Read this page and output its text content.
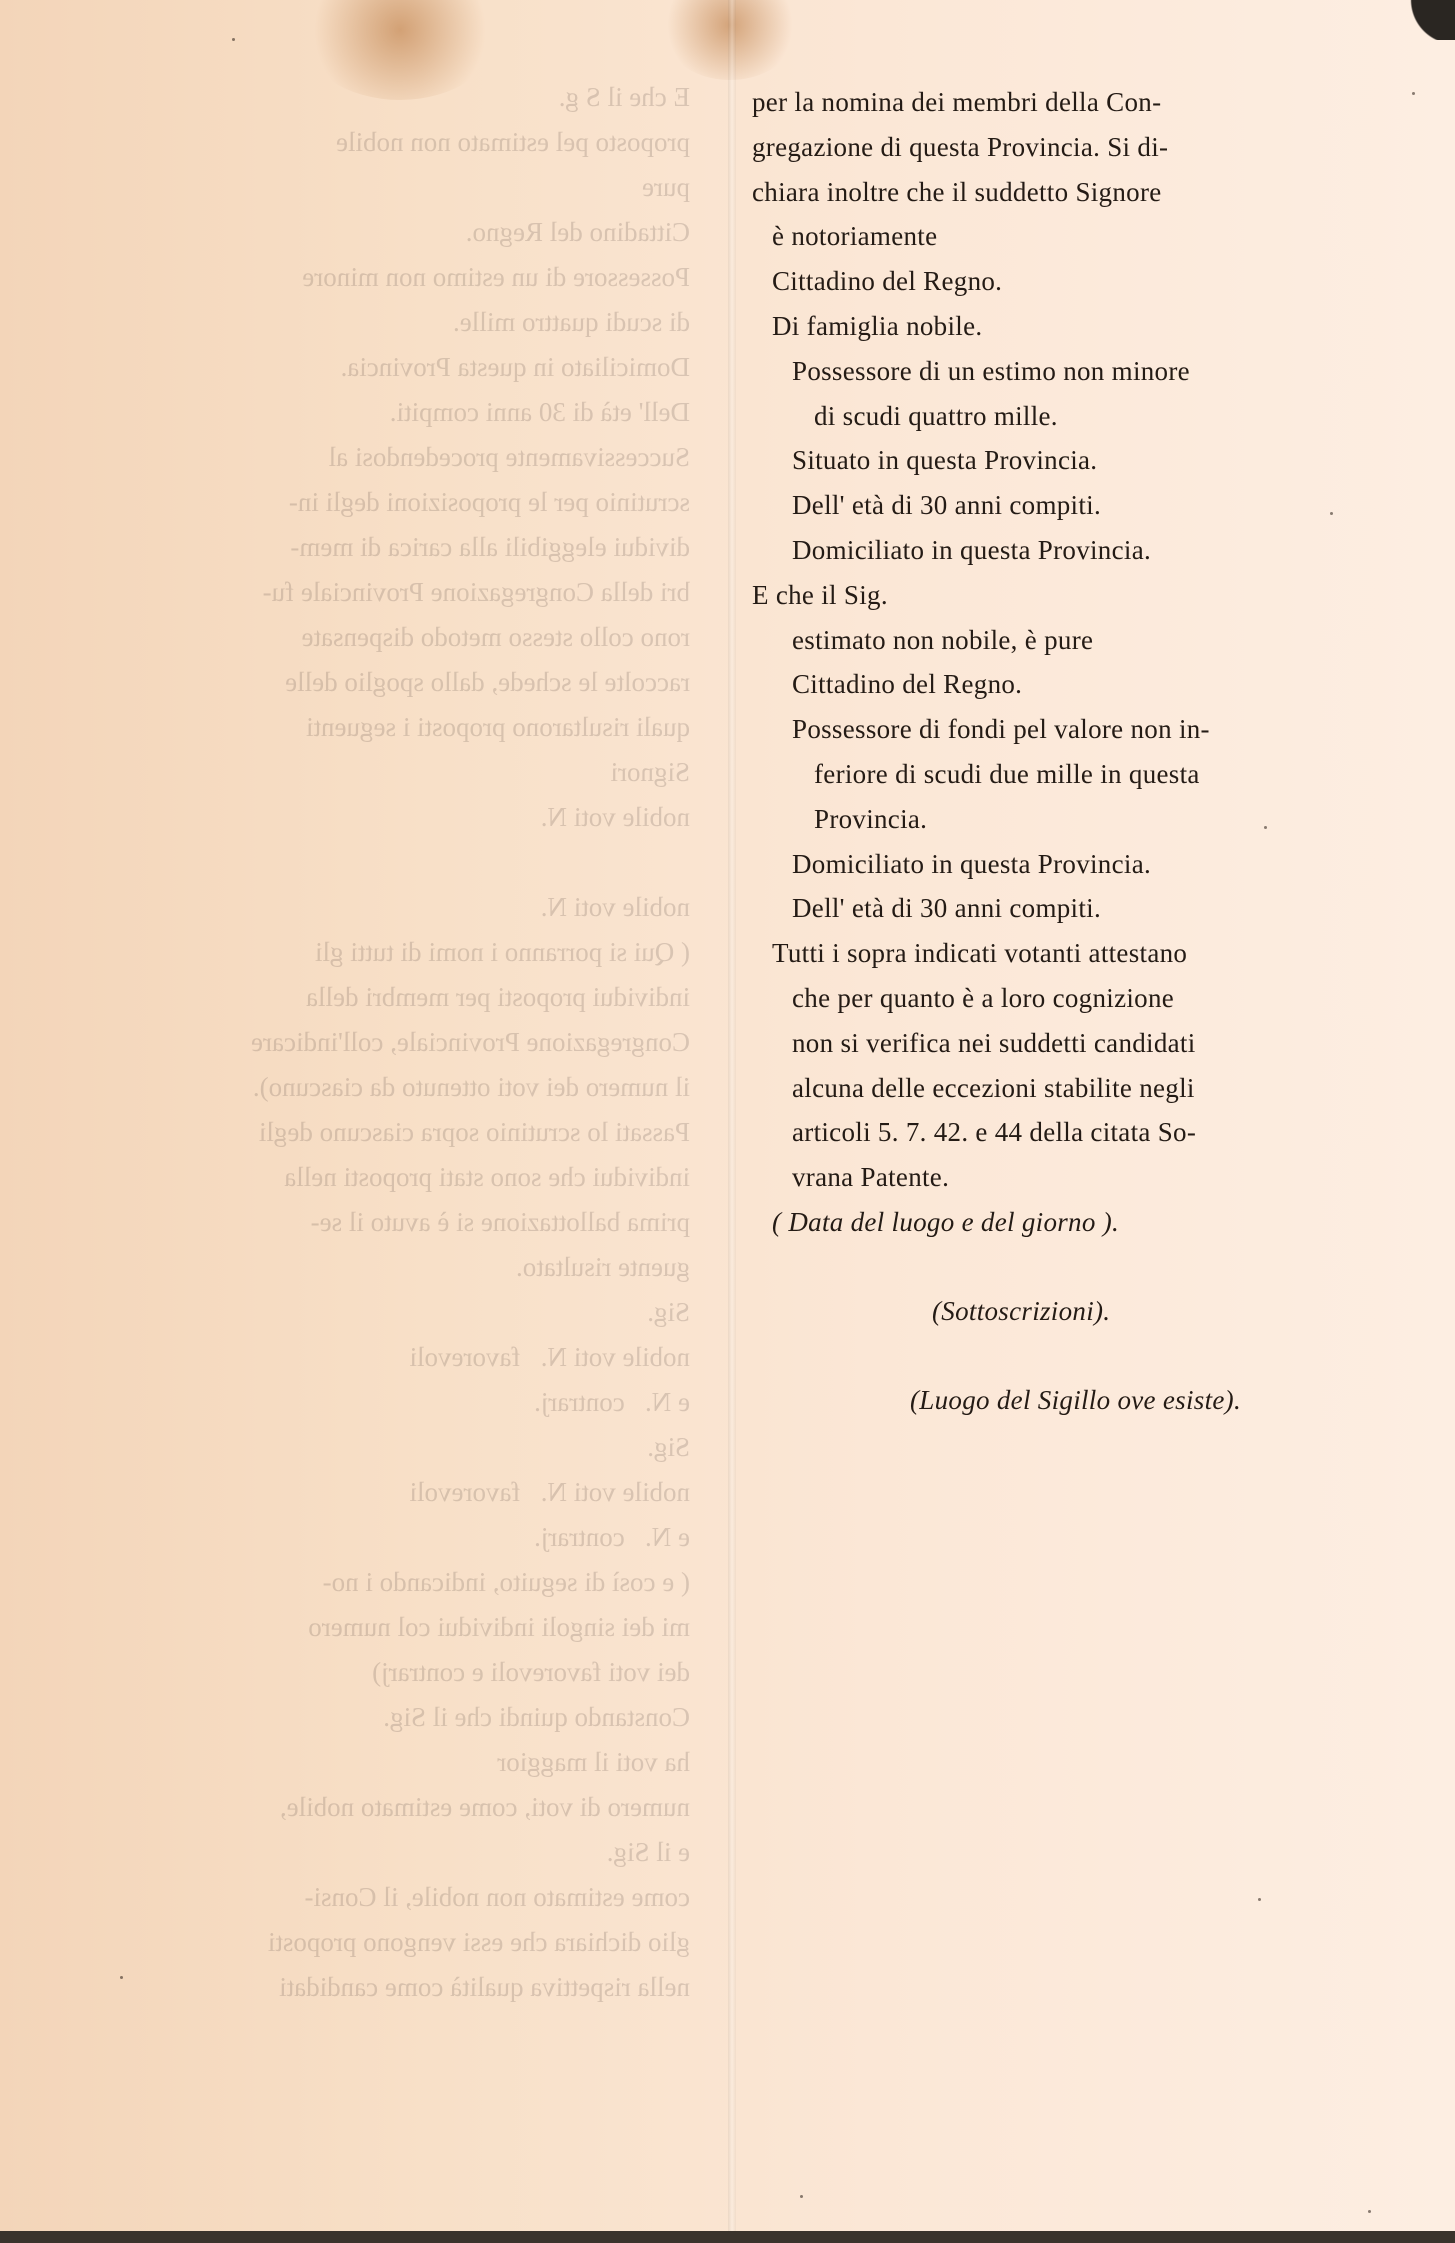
E che il S g.
proposto pel estimato non nobile
pure
Cittadino del Regno.
Possessore di un estimo non minore
di scudi quattro mille.
Domiciliato in questa Provincia.
Dell' età di 30 anni compiti.
Successivamente procedendosi al
scrutinio per le proposizioni degli in-
dividui eleggibili alla carica di mem-
bri della Congregazione Provinciale fu-
rono collo stesso metodo dispensate
raccolte le schede, dallo spoglio delle
quali risultarono proposti i seguenti
Signori
nobile voti N.

nobile voti N.
( Qui si porranno i nomi di tutti gli
individui proposti per membri della
Congregazione Provinciale, coll'indicare
il numero dei voti ottenuto da ciascuno).
Passati lo scrutinio sopra ciascuno degli
individui che sono stati proposti nella
prima ballottazione si è avuto il se-
guente risultato.
Sig.
nobile voti N.   favorevoli
e N.   contrarj.
Sig.
nobile voti N.   favorevoli
e N.   contrarj.
( e così di seguito, indicando i no-
mi dei singoli individui col numero
dei voti favorevoli e contrarj)
Constando quindi che il Sig.
ha voti il maggior
numero di voti, come estimato nobile,
e il Sig.
come estimato non nobile, il Consi-
glio dichiara che essi vengono proposti
nella rispettiva qualità come candidati
per la nomina dei membri della Con-
gregazione di questa Provincia. Si di-
chiara inoltre che il suddetto Signore
è notoriamente
Cittadino del Regno.
Di famiglia nobile.
Possessore di un estimo non minore
di scudi quattro mille.
Situato in questa Provincia.
Dell' età di 30 anni compiti.
Domiciliato in questa Provincia.
E che il Sig.
estimato non nobile, è pure
Cittadino del Regno.
Possessore di fondi pel valore non in-
feriore di scudi due mille in questa
Provincia.
Domiciliato in questa Provincia.
Dell' età di 30 anni compiti.
Tutti i sopra indicati votanti attestano
che per quanto è a loro cognizione
non si verifica nei suddetti candidati
alcuna delle eccezioni stabilite negli
articoli 5. 7. 42. e 44 della citata So-
vrana Patente.
( Data del luogo e del giorno ).
(Sottoscrizioni).
(Luogo del Sigillo ove esiste).
